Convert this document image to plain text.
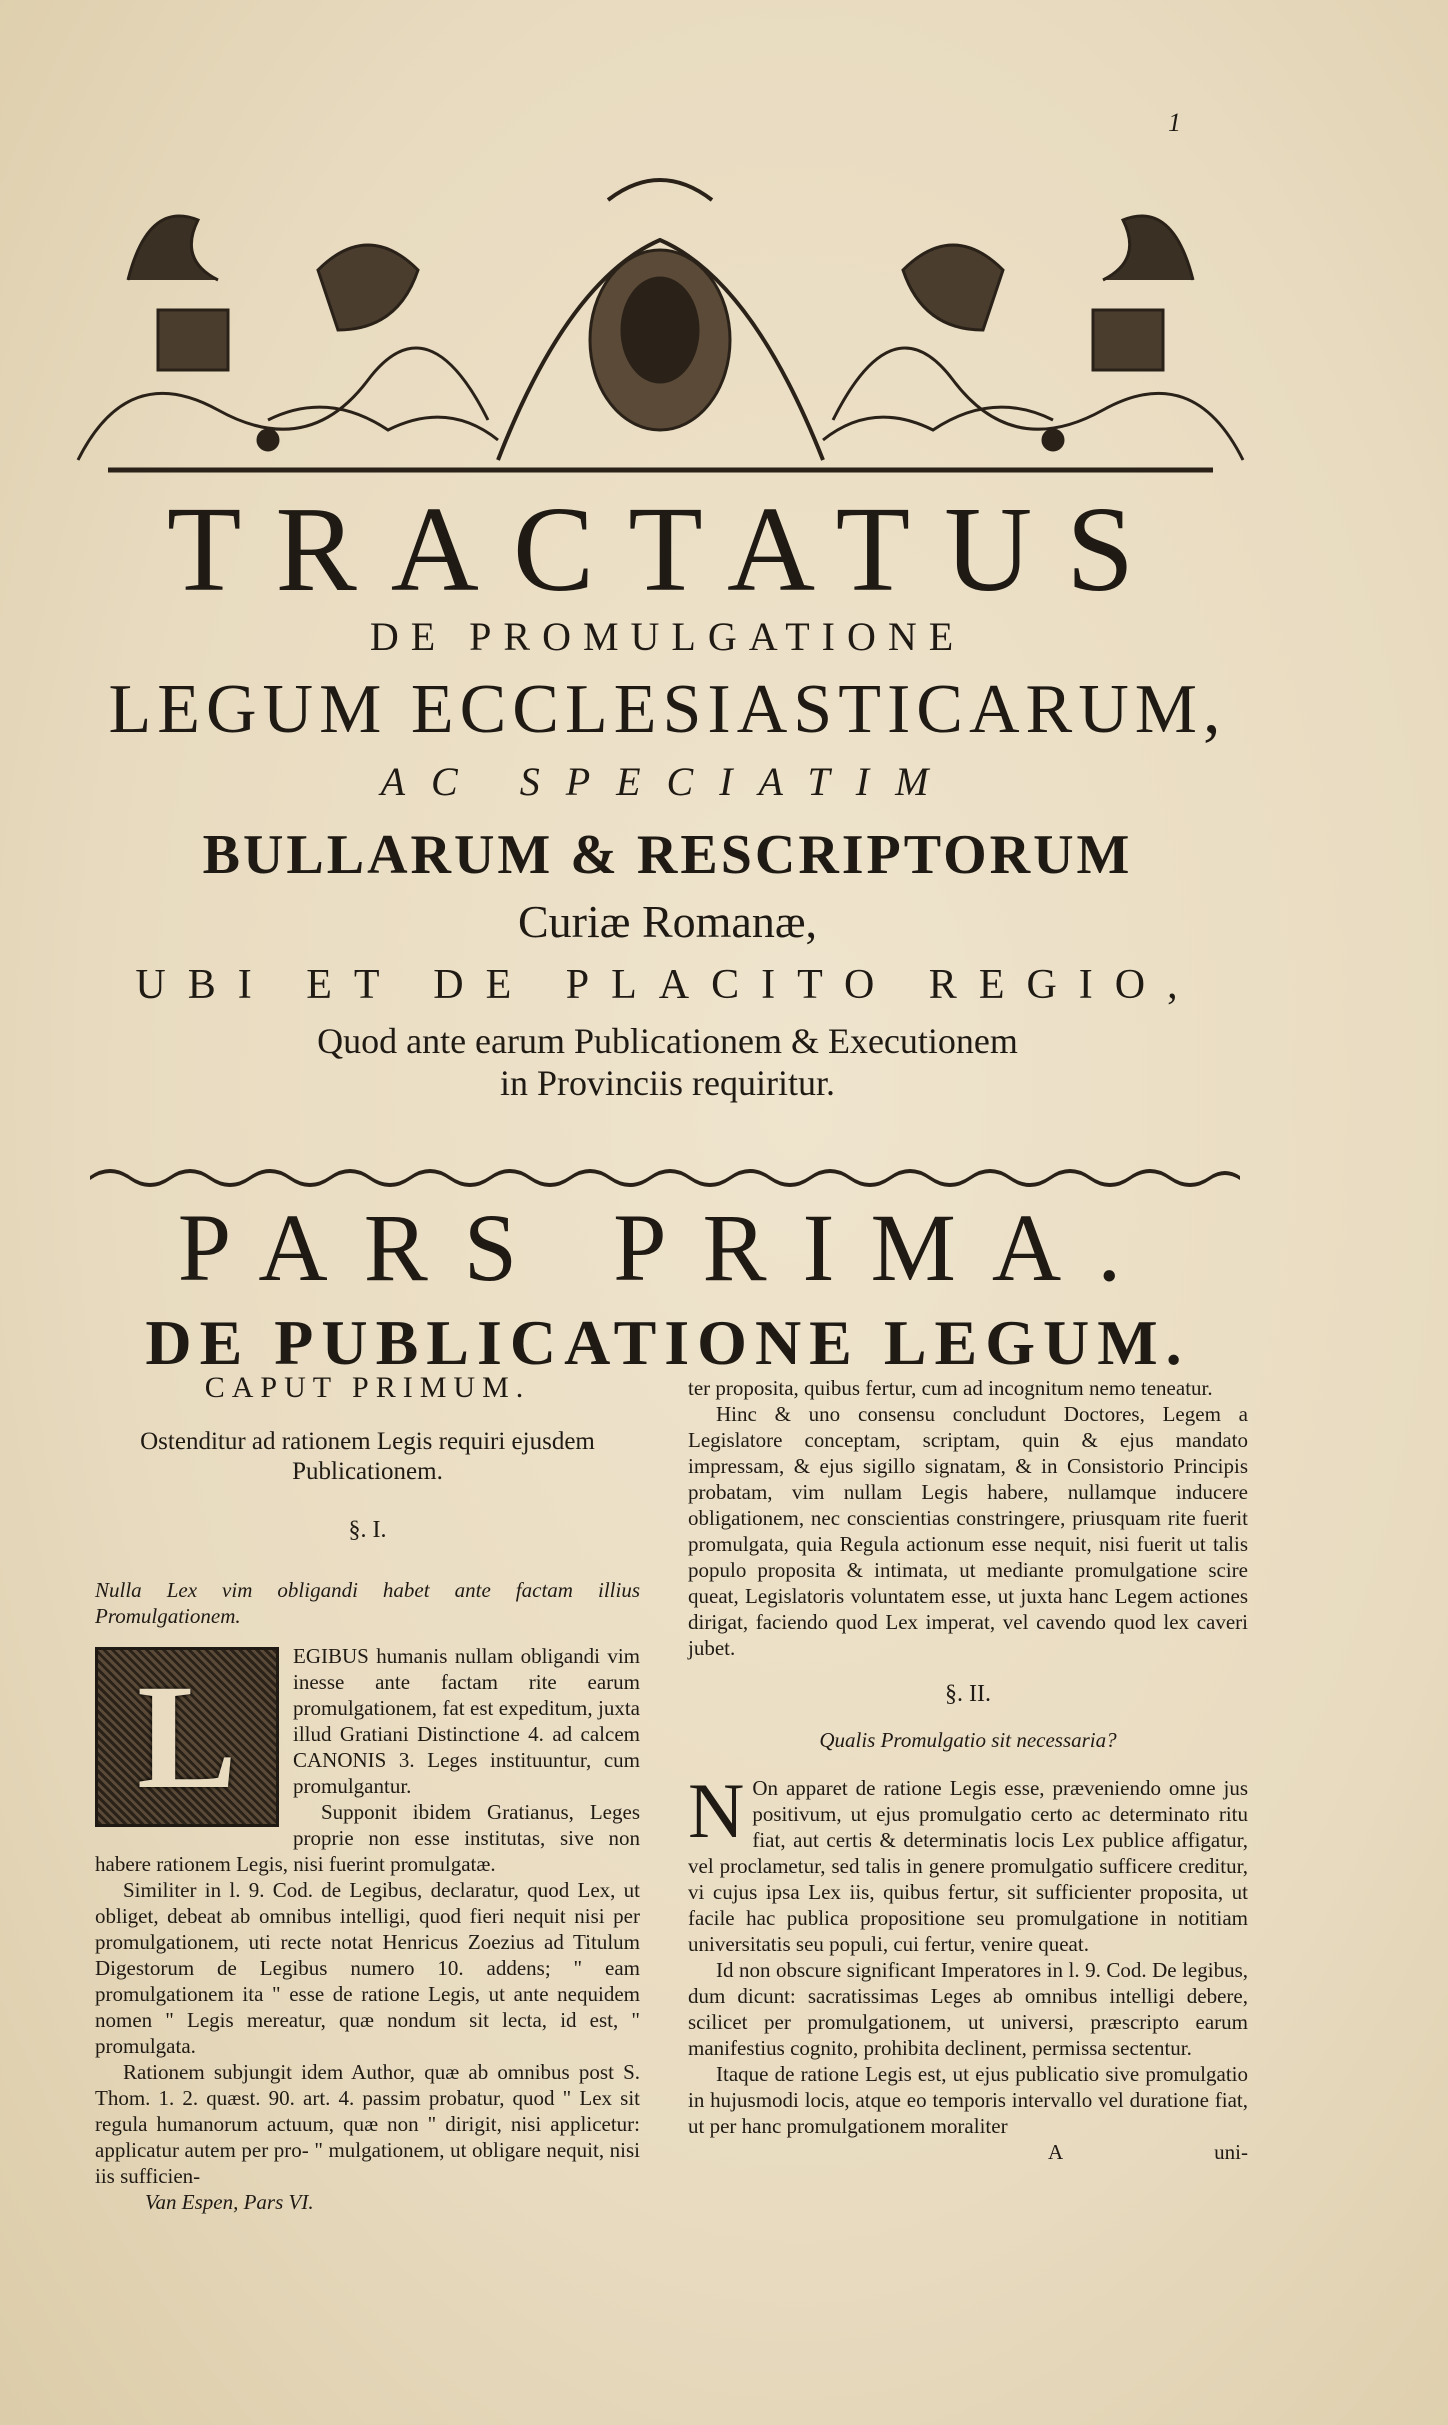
1
TRACTATUS
DE PROMULGATIONE
LEGUM ECCLESIASTICARUM,
AC SPECIATIM
BULLARUM & RESCRIPTORUM
Curiæ Romanæ,
UBI ET DE PLACITO REGIO,
Quod ante earum Publicationem & Executionem
in Provinciis requiritur.
PARS PRIMA.
DE PUBLICATIONE LEGUM.
CAPUT PRIMUM.
Ostenditur ad rationem Legis requiri ejusdem Publicationem.
§. I.

Nulla Lex vim obligandi habet ante factam illius Promulgationem.

L	EGIBUS humanis nullam obligandi vim inesse ante factam rite earum promulgationem, fat est expeditum, juxta illud Gratiani Distinctione 4. ad calcem CANONIS 3. Leges instituuntur, cum promulgantur.

Supponit ibidem Gratianus, Leges proprie non esse institutas, sive non habere rationem Legis, nisi fuerint promulgatæ.

Similiter in l. 9. Cod. de Legibus, declaratur, quod Lex, ut obliget, debeat ab omnibus intelligi, quod fieri nequit nisi per promulgationem, uti recte notat Henricus Zoezius ad Titulum Digestorum de Legibus numero 10. addens; " eam promulgationem ita " esse de ratione Legis, ut ante nequidem nomen " Legis mereatur, quæ nondum sit lecta, id est, " promulgata.

Rationem subjungit idem Author, quæ ab omnibus post S. Thom. 1. 2. quæst. 90. art. 4. passim probatur, quod " Lex sit regula humanorum actuum, quæ non " dirigit, nisi applicetur: applicatur autem per pro- " mulgationem, ut obligare nequit, nisi iis sufficien-

Van Espen, Pars VI.

ter proposita, quibus fertur, cum ad incognitum nemo teneatur.

Hinc & uno consensu concludunt Doctores, Legem a Legislatore conceptam, scriptam, quin & ejus mandato impressam, & ejus sigillo signatam, & in Consistorio Principis probatam, vim nullam Legis habere, nullamque inducere obligationem, nec conscientias constringere, priusquam rite fuerit promulgata, quia Regula actionum esse nequit, nisi fuerit ut talis populo proposita & intimata, ut mediante promulgatione scire queat, Legislatoris voluntatem esse, ut juxta hanc Legem actiones dirigat, faciendo quod Lex imperat, vel cavendo quod lex caveri jubet.

§. II.

Qualis Promulgatio sit necessaria?

N On apparet de ratione Legis esse, præveniendo omne jus positivum, ut ejus promulgatio certo ac determinato ritu fiat, aut certis & determinatis locis Lex publice affigatur, vel proclametur, sed talis in genere promulgatio sufficere creditur, vi cujus ipsa Lex iis, quibus fertur, sit sufficienter proposita, ut facile hac publica propositione seu promulgatione in notitiam universitatis seu populi, cui fertur, venire queat.

Id non obscure significant Imperatores in l. 9. Cod. De legibus, dum dicunt: sacratissimas Leges ab omnibus intelligi debere, scilicet per promulgationem, ut universi, præscripto earum manifestius cognito, prohibita declinent, permissa sectentur.

Itaque de ratione Legis est, ut ejus publicatio sive promulgatio in hujusmodi locis, atque eo temporis intervallo vel duratione fiat, ut per hanc promulgationem moraliter

A	uni-
